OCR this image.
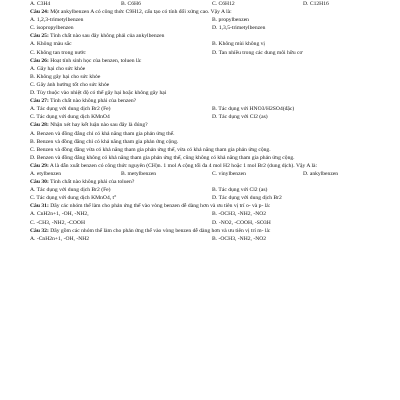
A. C3H4	B. C6H6	C. C6H12	D. C12H16
Câu 24: Một ankylbenzen A có công thức C9H12, cấu tạo có tính đối xứng cao. Vậy A là:
A. 1,2,3-trimetylbenzen	B. propylbenzen
C. isopropylbenzen	D. 1,3,5-trimetylbenzen
Câu 25: Tính chất nào sau đây không phải của ankylbenzen
A. Không màu sắc	B. Không mùi không vị
C. Không tan trong nước	D. Tan nhiều trong các dung môi hữu cơ
Câu 26: Hoạt tính sinh học của benzen, toluen là:
A. Gây hại cho sức khỏe
B. Không gây hại cho sức khỏe
C. Gây ảnh hưởng tốt cho sức khỏe
D. Tùy thuộc vào nhiệt độ có thể gây hại hoặc không gây hại
Câu 27: Tính chất nào không phải của benzen?
A. Tác dụng với dung dịch Br2 (Fe)	B. Tác dụng với HNO3/H2SO4(đặc)
C. Tác dụng với dung dịch KMnO4	D. Tác dụng với Cl2 (as)
Câu 28: Nhận xét hay kết luận nào sau đây là đúng?
A. Benzen và đồng đẳng chỉ có khả năng tham gia phản ứng thế.
B. Benzen và đồng đẳng chỉ có khả năng tham gia phản ứng cộng.
C. Benzen và đồng đẳng vừa có khả năng tham gia phản ứng thế, vừa có khả năng tham gia phản ứng cộng.
D. Benzen và đồng đẳng không có khả năng tham gia phản ứng thế, cũng không có khả năng tham gia phản ứng cộng.
Câu 29: A là dẫn xuất benzen có công thức nguyên (CH)n. 1 mol A cộng tối đa 4 mol H2 hoặc 1 mol Br2 (dung dịch). Vậy A là:
A. etylbenzen	B. metylbenzen	C. vinylbenzen	D. ankylbenzen
Câu 30: Tính chất nào không phải của toluen?
A. Tác dụng với dung dịch Br2 (Fe)	B. Tác dụng với Cl2 (as)
C. Tác dụng với dung dịch KMnO4, t°	D. Tác dụng với dung dịch Br2
Câu 31: Dãy các nhóm thế làm cho phản ứng thế vào vòng benzen dễ dàng hơn và ưu tiên vị trí o- và p- là:
A. CnH2n+1, -OH, -NH2,	B. -OCH3, -NH2, -NO2
C. -CH3, -NH2, -COOH	D. -NO2, -COOH, -SO3H
Câu 32: Dãy gồm các nhóm thế làm cho phản ứng thế vào vòng benzen dễ dàng hơn và ưu tiên vị trí m- là:
A. -CnH2n+1, -OH, -NH2	B. -OCH3, -NH2, -NO2
